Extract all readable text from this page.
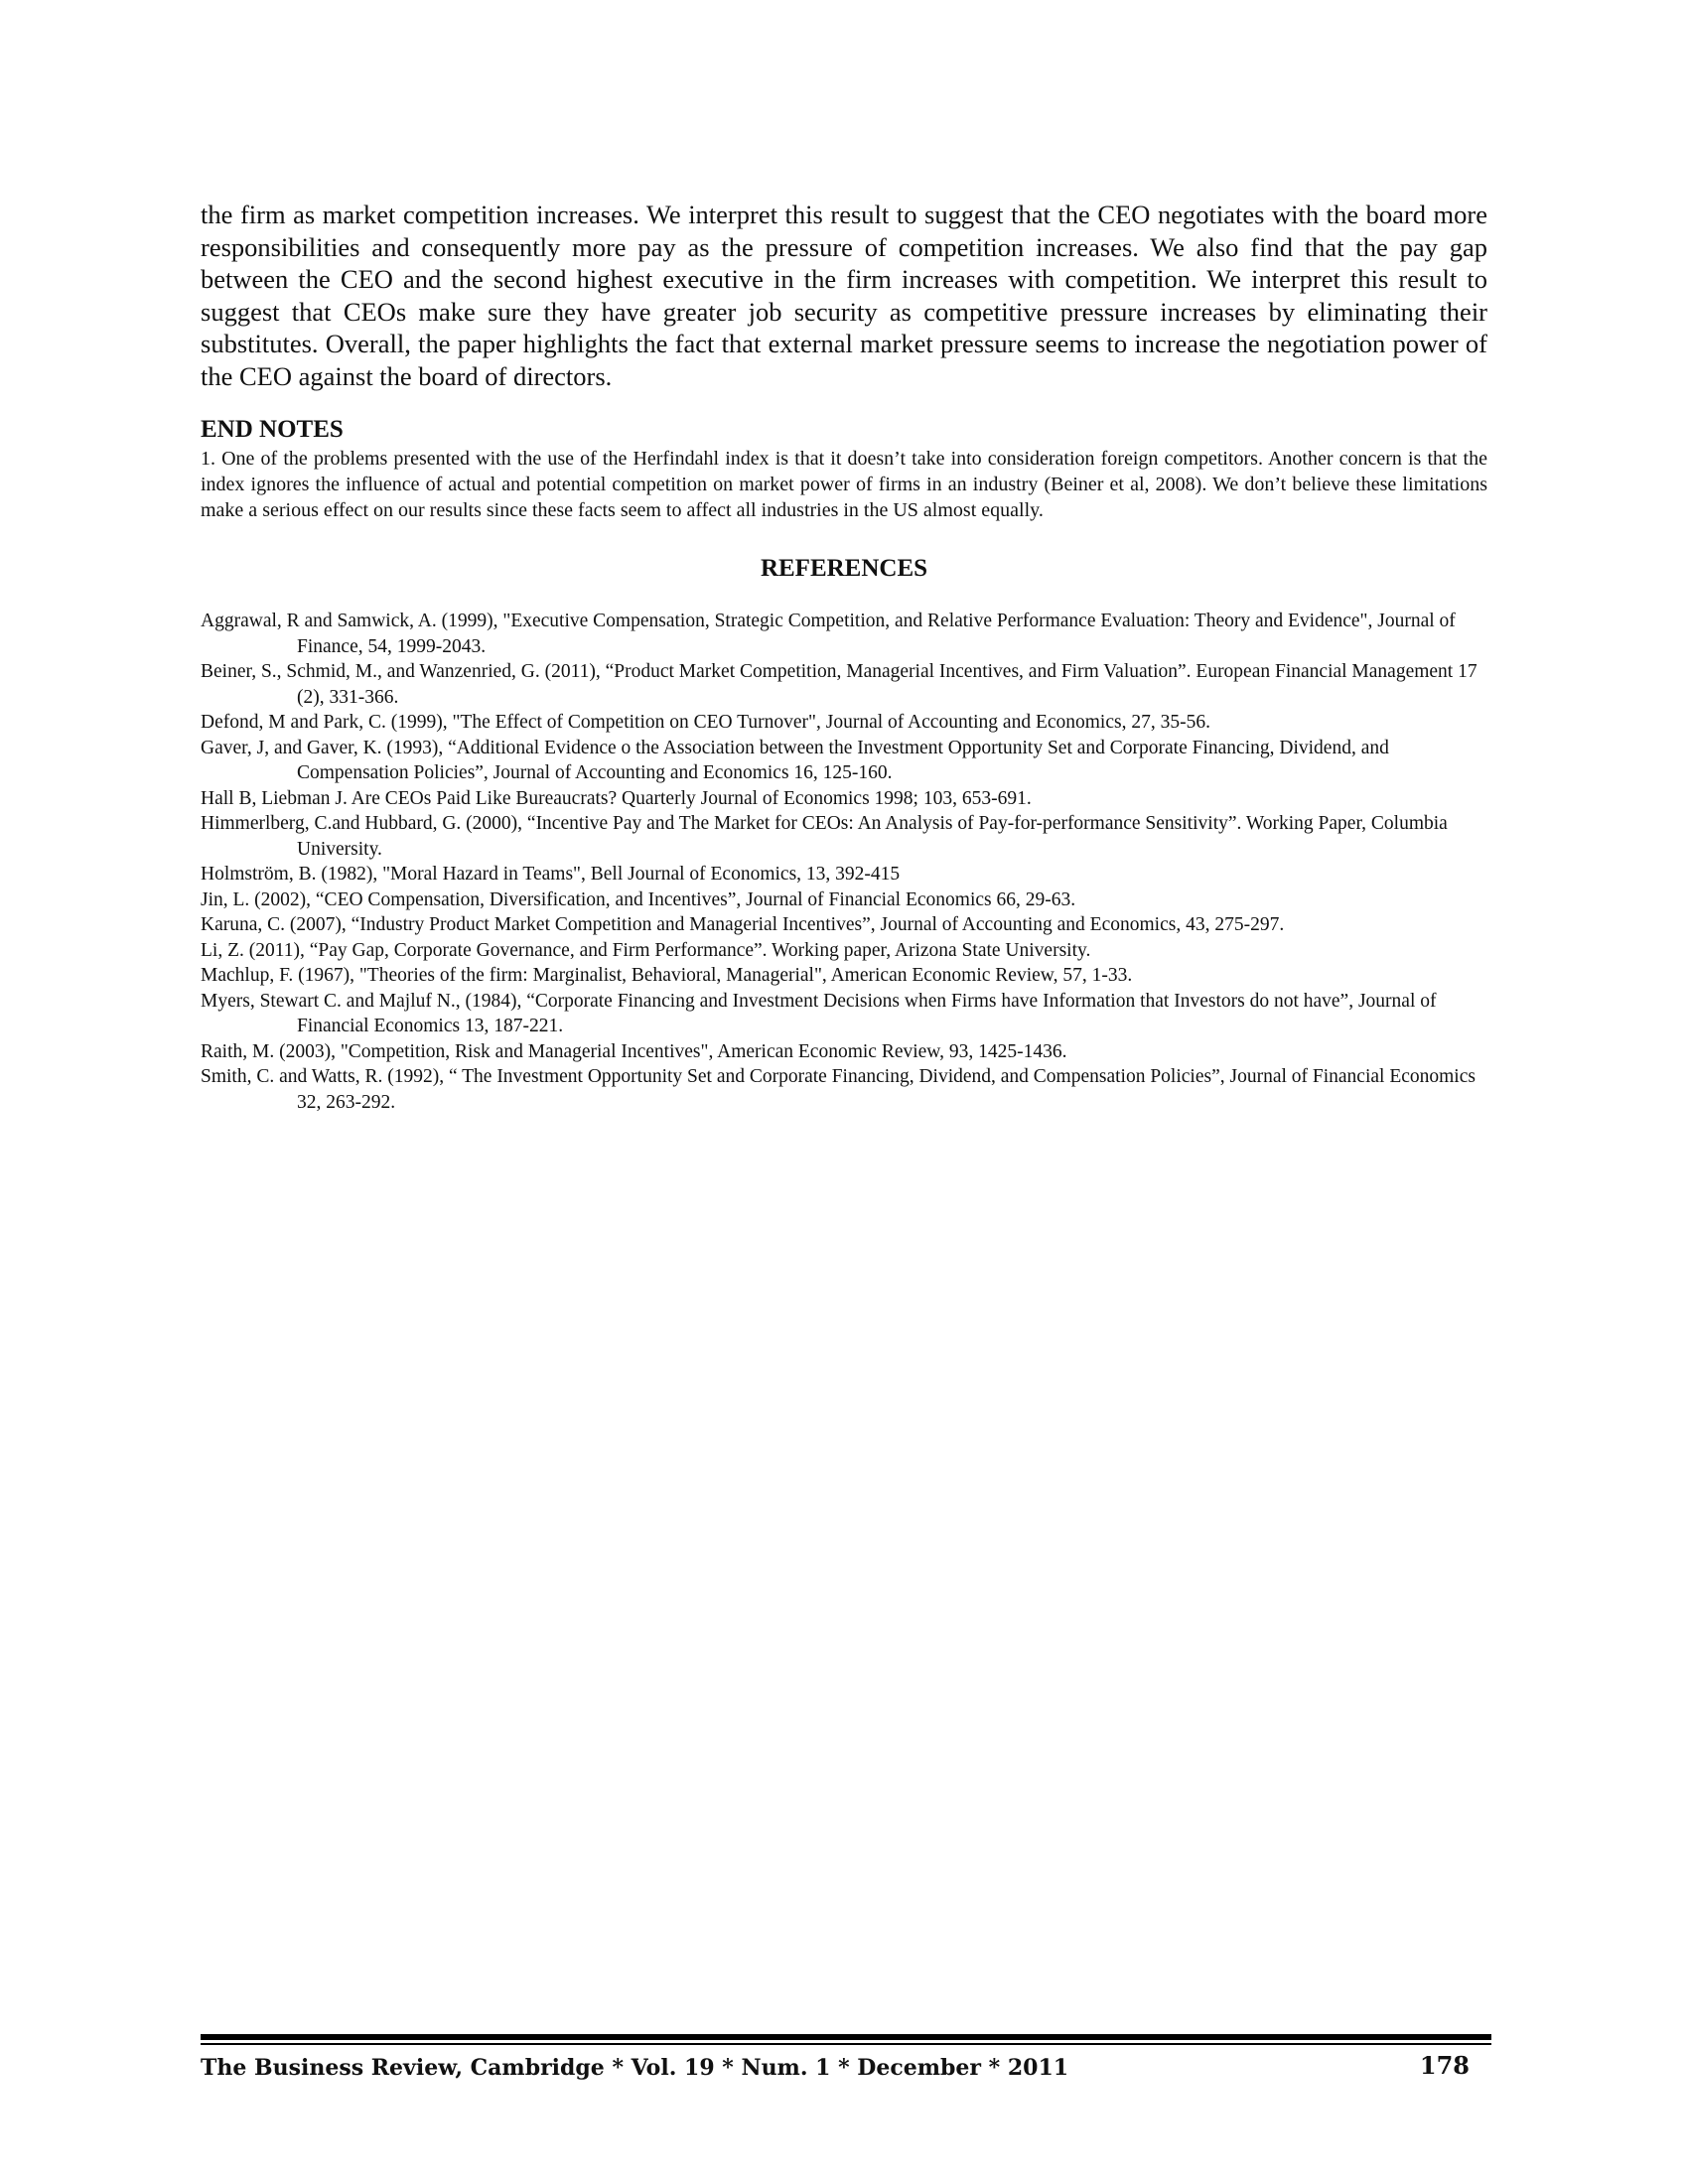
the firm as market competition increases. We interpret this result to suggest that the CEO negotiates with the board more responsibilities and consequently more pay as the pressure of competition increases. We also find that the pay gap between the CEO and the second highest executive in the firm increases with competition. We interpret this result to suggest that CEOs make sure they have greater job security as competitive pressure increases by eliminating their substitutes. Overall, the paper highlights the fact that external market pressure seems to increase the negotiation power of the CEO against the board of directors.

END NOTES

1. One of the problems presented with the use of the Herfindahl index is that it doesn’t take into consideration foreign competitors. Another concern is that the index ignores the influence of actual and potential competition on market power of firms in an industry (Beiner et al, 2008). We don’t believe these limitations make a serious effect on our results since these facts seem to affect all industries in the US almost equally.

REFERENCES
Aggrawal, R and Samwick, A. (1999), "Executive Compensation, Strategic Competition, and Relative Performance Evaluation: Theory and Evidence", Journal of Finance, 54, 1999-2043.
Beiner, S., Schmid, M., and Wanzenried, G. (2011), “Product Market Competition, Managerial Incentives, and Firm Valuation”. European Financial Management 17 (2), 331-366.
Defond, M and Park, C. (1999), "The Effect of Competition on CEO Turnover", Journal of Accounting and Economics, 27, 35-56.
Gaver, J, and Gaver, K. (1993), “Additional Evidence o the Association between the Investment Opportunity Set and Corporate Financing, Dividend, and Compensation Policies”, Journal of Accounting and Economics 16, 125-160.
Hall B, Liebman J. Are CEOs Paid Like Bureaucrats? Quarterly Journal of Economics 1998; 103, 653-691.
Himmerlberg, C.and Hubbard, G. (2000), “Incentive Pay and The Market for CEOs: An Analysis of Pay-for-performance Sensitivity”. Working Paper, Columbia University.
Holmström, B. (1982), "Moral Hazard in Teams", Bell Journal of Economics, 13, 392-415
Jin, L. (2002), “CEO Compensation, Diversification, and Incentives”, Journal of Financial Economics 66, 29-63.
Karuna, C. (2007), “Industry Product Market Competition and Managerial Incentives”, Journal of Accounting and Economics, 43, 275-297.
Li, Z. (2011), “Pay Gap, Corporate Governance, and Firm Performance”. Working paper, Arizona State University.
Machlup, F. (1967), "Theories of the firm: Marginalist, Behavioral, Managerial", American Economic Review, 57, 1-33.
Myers, Stewart C. and Majluf N., (1984), “Corporate Financing and Investment Decisions when Firms have Information that Investors do not have”, Journal of Financial Economics 13, 187-221.
Raith, M. (2003), "Competition, Risk and Managerial Incentives", American Economic Review, 93, 1425-1436.
Smith, C. and Watts, R. (1992), “ The Investment Opportunity Set and Corporate Financing, Dividend, and Compensation Policies”, Journal of Financial Economics 32, 263-292.
The Business Review, Cambridge * Vol. 19 * Num. 1 * December * 2011	178
